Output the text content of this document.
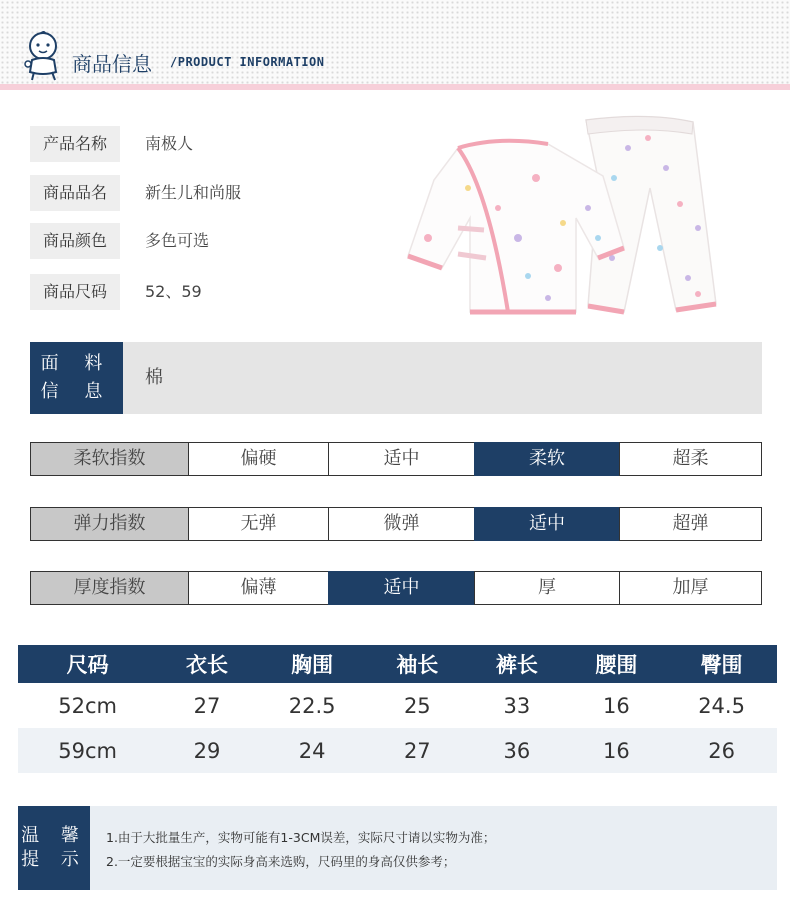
商品信息 /PRODUCT INFORMATION
产品名称	南极人
商品品名	新生儿和尚服
商品颜色	多色可选
商品尺码	52、59
面 料
信 息
棉
柔软指数	偏硬	适中	柔软	超柔
弹力指数	无弹	微弹	适中	超弹
厚度指数	偏薄	适中	厚	加厚
尺码	衣长	胸围	袖长	裤长	腰围	臀围
52cm	27	22.5	25	33	16	24.5
59cm	29	24	27	36	16	26
温 馨
提 示
1.由于大批量生产，实物可能有1-3CM误差，实际尺寸请以实物为准；
2.一定要根据宝宝的实际身高来选购，尺码里的身高仅供参考；
